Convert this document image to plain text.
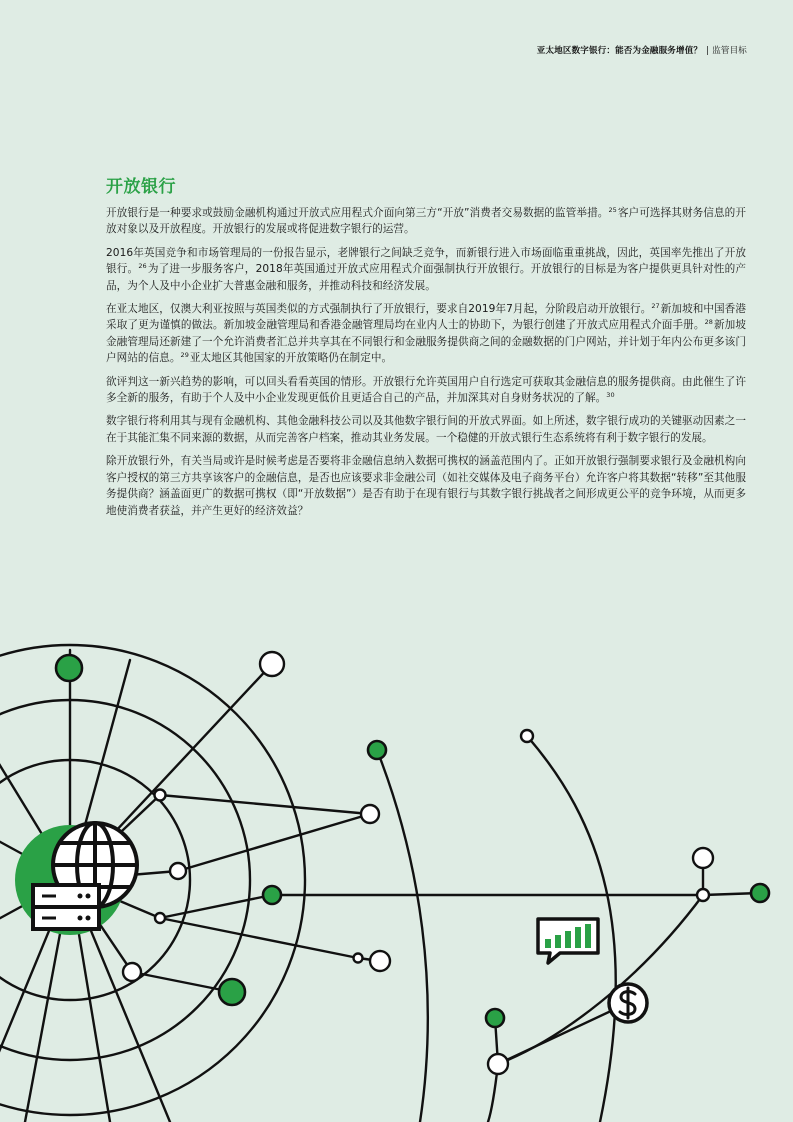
亚太地区数字银行：能否为金融服务增值？ | 监管目标
开放银行

开放银行是一种要求或鼓励金融机构通过开放式应用程式介面向第三方“开放”消费者交易数据的监管举措。$^{25}$客户可选择其财务信息的开放对象以及开放程度。开放银行的发展或将促进数字银行的运营。

2016年英国竞争和市场管理局的一份报告显示，老牌银行之间缺乏竞争，而新银行进入市场面临重重挑战，因此，英国率先推出了开放银行。$^{26}$为了进一步服务客户，2018年英国通过开放式应用程式介面强制执行开放银行。开放银行的目标是为客户提供更具针对性的产品，为个人及中小企业扩大普惠金融和服务，并推动科技和经济发展。

在亚太地区，仅澳大利亚按照与英国类似的方式强制执行了开放银行，要求自2019年7月起，分阶段启动开放银行。$^{27}$新加坡和中国香港采取了更为谨慎的做法。新加坡金融管理局和香港金融管理局均在业内人士的协助下，为银行创建了开放式应用程式介面手册。$^{28}$新加坡金融管理局还新建了一个允许消费者汇总并共享其在不同银行和金融服务提供商之间的金融数据的门户网站，并计划于年内公布更多该门户网站的信息。$^{29}$亚太地区其他国家的开放策略仍在制定中。

欲评判这一新兴趋势的影响，可以回头看看英国的情形。开放银行允许英国用户自行选定可获取其金融信息的服务提供商。由此催生了许多全新的服务，有助于个人及中小企业发现更低价且更适合自己的产品，并加深其对自身财务状况的了解。$^{30}$

数字银行将利用其与现有金融机构、其他金融科技公司以及其他数字银行间的开放式界面。如上所述，数字银行成功的关键驱动因素之一在于其能汇集不同来源的数据，从而完善客户档案，推动其业务发展。一个稳健的开放式银行生态系统将有利于数字银行的发展。

除开放银行外，有关当局或许是时候考虑是否要将非金融信息纳入数据可携权的涵盖范围内了。正如开放银行强制要求银行及金融机构向客户授权的第三方共享该客户的金融信息，是否也应该要求非金融公司（如社交媒体及电子商务平台）允许客户将其数据“转移”至其他服务提供商？涵盖面更广的数据可携权（即“开放数据”）是否有助于在现有银行与其数字银行挑战者之间形成更公平的竞争环境，从而更多地使消费者获益，并产生更好的经济效益？
